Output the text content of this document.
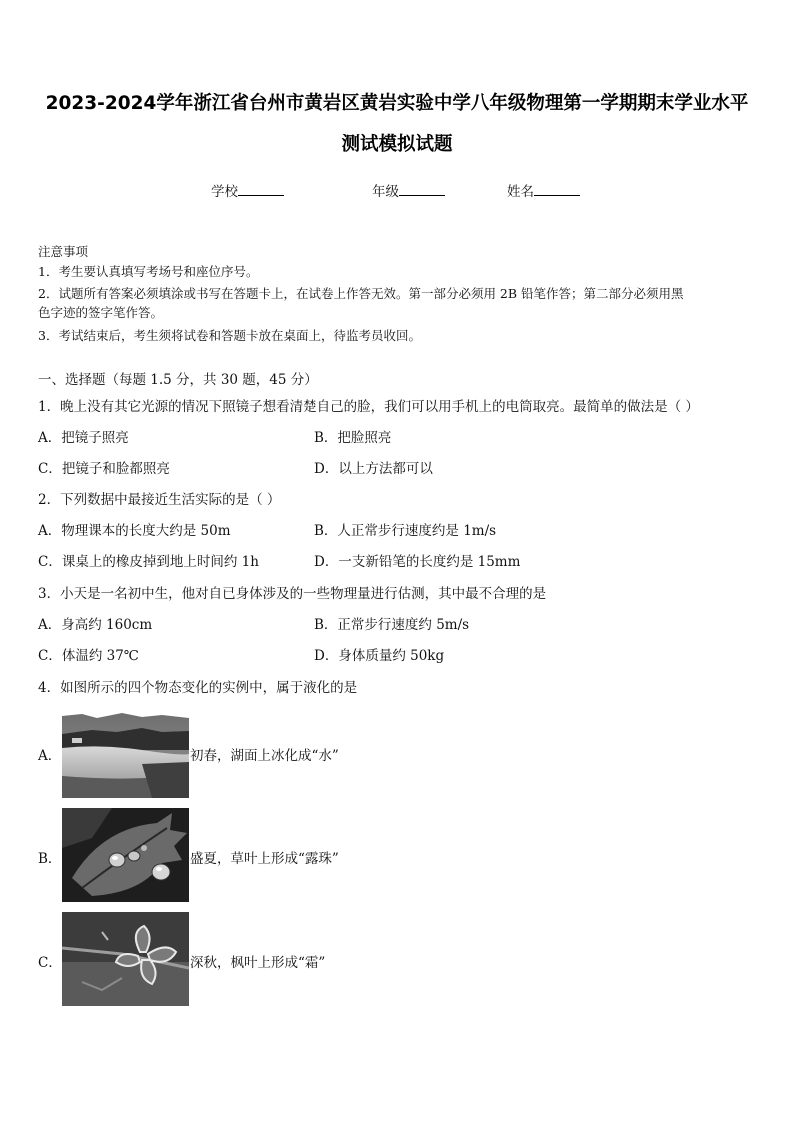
2023-2024学年浙江省台州市黄岩区黄岩实验中学八年级物理第一学期期末学业水平
测试模拟试题
学校	年级	姓名
注意事项
1．考生要认真填写考场号和座位序号。
2．试题所有答案必须填涂或书写在答题卡上，在试卷上作答无效。第一部分必须用 2B 铅笔作答；第二部分必须用黑
色字迹的签字笔作答。
3．考试结束后，考生须将试卷和答题卡放在桌面上，待监考员收回。
一、选择题（每题 1.5 分，共 30 题，45 分）
1．晚上没有其它光源的情况下照镜子想看清楚自己的脸，我们可以用手机上的电筒取亮。最简单的做法是（ ）
A．把镜子照亮	B．把脸照亮
C．把镜子和脸都照亮	D．以上方法都可以
2．下列数据中最接近生活实际的是（ ）
A．物理课本的长度大约是 50m	B．人正常步行速度约是 1m/s
C．课桌上的橡皮掉到地上时间约 1h	D．一支新铅笔的长度约是 15mm
3．小天是一名初中生，他对自已身体涉及的一些物理量进行估测，其中最不合理的是
A．身高约 160cm	B．正常步行速度约 5m/s
C．体温约 37℃	D．身体质量约 50kg
4．如图所示的四个物态变化的实例中，属于液化的是
A．	初春，湖面上冰化成“水”
B．	盛夏，草叶上形成“露珠”
C．	深秋，枫叶上形成“霜”
